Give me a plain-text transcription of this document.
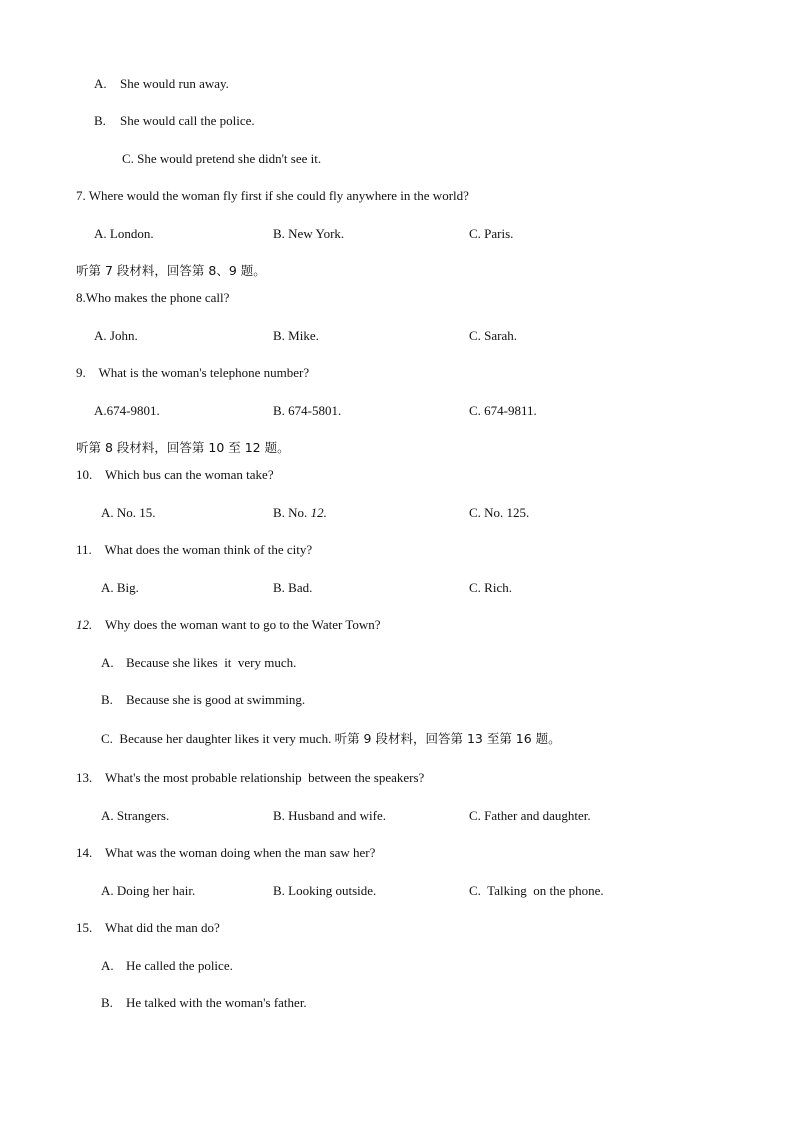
A. She would run away.
B. She would call the police.
C. She would pretend she didn't see it.
7. Where would the woman fly first if she could fly anywhere in the world?
A. London.	B. New York.	C. Paris.
听第 7 段材料，回答第 8、9 题。
8.Who makes the phone call?
A. John.	B. Mike.	C. Sarah.
9.    What is the woman's telephone number?
A.674-9801.	B. 674-5801.	C. 674-9811.
听第 8 段材料，回答第 10 至 12 题。
10.    Which bus can the woman take?
A. No. 15.	B. No. 12.	C. No. 125.
11.    What does the woman think of the city?
A. Big.	B. Bad.	C. Rich.
12.    Why does the woman want to go to the Water Town?
A. Because she likes  it  very much.
B. Because she is good at swimming.
C.  Because her daughter likes it very much. 听第 9 段材料，回答第 13 至第 16 题。
13.    What's the most probable relationship  between the speakers?
A. Strangers.	B. Husband and wife.	C. Father and daughter.
14.    What was the woman doing when the man saw her?
A. Doing her hair.	B. Looking outside.	C.  Talking  on the phone.
15.    What did the man do?
A. He called the police.
B. He talked with the woman's father.
